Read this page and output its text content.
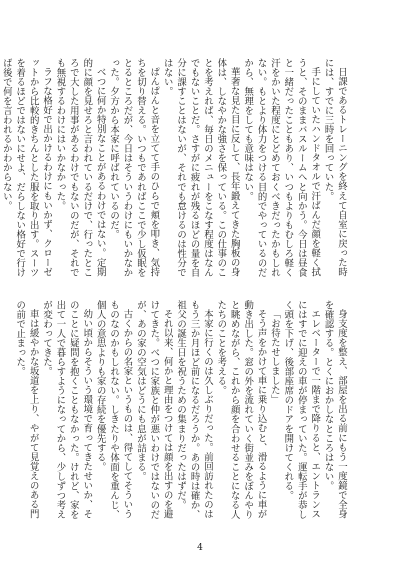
日課であるトレーニングを終えて自室に戻った時には、すでに三時を回っていた。

手にしていたハンドタオルで汗ばんだ顔を軽く拭うと、そのままバスルームへと向かう。今日は昼食と一緒だったこともあり、いつもよりもむしろ軽く汗をかいた程度にとどめておくべきだったかもしれない。もとより体力をつける目的でやっているのだから、無理をしても意味はない。

華奢な見た目に反して、長年鍛えてきた胸板の身体は、しなやかな強さを保っている。この仕事のことを考えれば、毎日のメニューをこなす程度はなんでもないことだ。さすがに疲れが残るほどの量を自分に課すことはないが、それでも怠けるのは性分ではない。

ぱんぱんと音を立てて手のひらで頬を叩き、気持ちを切り替える。いつもであればここで少し仮眠をとるところだが、今日はそういうわけにもいかなかった。夕方から本家に呼ばれているのだ。

べつに何か特別なことがあるわけではない。定期的に顔を見せろと言われているだけで、行ったところで大した用事があるわけでもないのだが、それでも無視するわけにはいかなかった。

ラフな格好で出かけるわけにもいかず、クローゼットから比較的きちんとした服を取り出す。スーツを着るほどではないにせよ、だらしない格好で行けば後で何を言われるかわからない。

身支度を整え、部屋を出る前にもう一度鏡で全身を確認する。とくにおかしなところはない。

エレベーターで一階まで降りると、エントランスにはすでに迎えの車が停まっていた。運転手が恭しく頭を下げ、後部座席のドアを開けてくれる。

「お待たせしました」

そう声をかけて車に乗り込むと、滑るように車が動き出した。窓の外を流れていく街並みをぼんやりと眺めながら、これから顔を合わせることになる人たちのことを考える。

本家に行くのは久しぶりだった。前回訪れたのはもう三か月ほど前になるだろうか。あの時は確か、祖父の誕生日を祝うための集まりだったはずだ。

それ以来、何かと理由をつけては顔を出すのを避けてきた。べつに家族と仲が悪いわけではないのだが、あの家の空気はどうにも息が詰まる。

古くからの名家というものは、得てしてそういうものなのかもしれない。しきたりや体面を重んじ、個人の意思よりも家の存続を優先する。

幼い頃からそういう環境で育ってきたせいか、そのことに疑問を抱くこともなかった。けれど、家を出て一人で暮らすようになってから、少しずつ考えが変わってきた。

車は緩やかな坂道を上り、やがて見覚えのある門の前で止まった。

4
